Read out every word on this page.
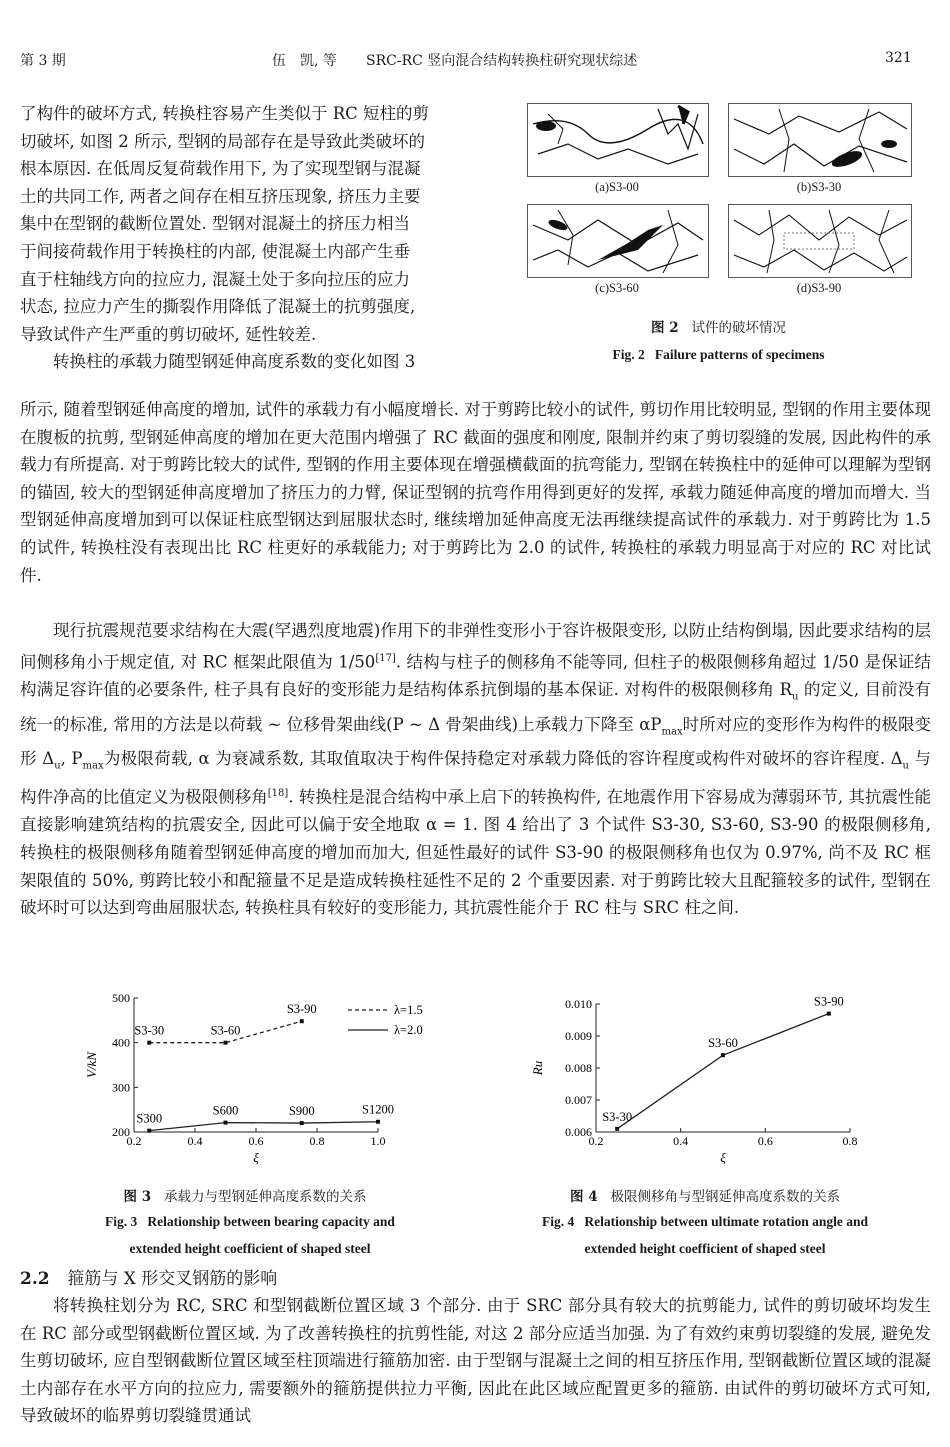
第 3 期	伍　凯, 等 SRC-RC 竖向混合结构转换柱研究现状综述	321

了构件的破坏方式, 转换柱容易产生类似于 RC 短柱的剪

切破坏, 如图 2 所示, 型钢的局部存在是导致此类破坏的

根本原因. 在低周反复荷载作用下, 为了实现型钢与混凝

土的共同工作, 两者之间存在相互挤压现象, 挤压力主要

集中在型钢的截断位置处. 型钢对混凝土的挤压力相当

于间接荷载作用于转换柱的内部, 使混凝土内部产生垂

直于柱轴线方向的拉应力, 混凝土处于多向拉压的应力

状态, 拉应力产生的撕裂作用降低了混凝土的抗剪强度,

导致试件产生严重的剪切破坏, 延性较差.

转换柱的承载力随型钢延伸高度系数的变化如图 3

(a)S3-00	(b)S3-30
(c)S3-60	(d)S3-90
图 2 试件的破坏情况
Fig. 2 Failure patterns of specimens

所示, 随着型钢延伸高度的增加, 试件的承载力有小幅度增长. 对于剪跨比较小的试件, 剪切作用比较明显, 型钢的作用主要体现在腹板的抗剪, 型钢延伸高度的增加在更大范围内增强了 RC 截面的强度和刚度, 限制并约束了剪切裂缝的发展, 因此构件的承载力有所提高. 对于剪跨比较大的试件, 型钢的作用主要体现在增强横截面的抗弯能力, 型钢在转换柱中的延伸可以理解为型钢的锚固, 较大的型钢延伸高度增加了挤压力的力臂, 保证型钢的抗弯作用得到更好的发挥, 承载力随延伸高度的增加而增大. 当型钢延伸高度增加到可以保证柱底型钢达到屈服状态时, 继续增加延伸高度无法再继续提高试件的承载力. 对于剪跨比为 1.5 的试件, 转换柱没有表现出比 RC 柱更好的承载能力; 对于剪跨比为 2.0 的试件, 转换柱的承载力明显高于对应的 RC 对比试件.

现行抗震规范要求结构在大震(罕遇烈度地震)作用下的非弹性变形小于容许极限变形, 以防止结构倒塌, 因此要求结构的层间侧移角小于规定值, 对 RC 框架此限值为 1/50[17]. 结构与柱子的侧移角不能等同, 但柱子的极限侧移角超过 1/50 是保证结构满足容许值的必要条件, 柱子具有良好的变形能力是结构体系抗倒塌的基本保证. 对构件的极限侧移角 $R_u$ 的定义, 目前没有统一的标准, 常用的方法是以荷载 ~ 位移骨架曲线(P ~ Δ 骨架曲线)上承载力下降至 $\alpha P_{max}$时所对应的变形作为构件的极限变形 $\Delta_u$, $P_{max}$为极限荷载, α 为衰减系数, 其取值取决于构件保持稳定对承载力降低的容许程度或构件对破坏的容许程度. $\Delta_u$ 与构件净高的比值定义为极限侧移角[18]. 转换柱是混合结构中承上启下的转换构件, 在地震作用下容易成为薄弱环节, 其抗震性能直接影响建筑结构的抗震安全, 因此可以偏于安全地取 α = 1. 图 4 给出了 3 个试件 S3-30, S3-60, S3-90 的极限侧移角, 转换柱的极限侧移角随着型钢延伸高度的增加而加大, 但延性最好的试件 S3-90 的极限侧移角也仅为 0.97%, 尚不及 RC 框架限值的 50%, 剪跨比较小和配箍量不足是造成转换柱延性不足的 2 个重要因素. 对于剪跨比较大且配箍较多的试件, 型钢在破坏时可以达到弯曲屈服状态, 转换柱具有较好的变形能力, 其抗震性能介于 RC 柱与 SRC 柱之间.

0.2	0.4	0.6	0.8	1.0
200
300
400
500
ξ
V/kN
S3-30	S3-60
S3-90
S300
S600	S900	S1200
λ=1.5
λ=2.0
图 3 承载力与型钢延伸高度系数的关系
Fig. 3 Relationship between bearing capacity and
extended height coefficient of shaped steel
0.2	0.4	0.6	0.8
0.006
0.007
0.008
0.009
0.010
ξ
Ru
S3-30
S3-60
S3-90
图 4 极限侧移角与型钢延伸高度系数的关系
Fig. 4 Relationship between ultimate rotation angle and
extended height coefficient of shaped steel
2.2 箍筋与 X 形交叉钢筋的影响

将转换柱划分为 RC, SRC 和型钢截断位置区域 3 个部分. 由于 SRC 部分具有较大的抗剪能力, 试件的剪切破坏均发生在 RC 部分或型钢截断位置区域. 为了改善转换柱的抗剪性能, 对这 2 部分应适当加强. 为了有效约束剪切裂缝的发展, 避免发生剪切破坏, 应自型钢截断位置区域至柱顶端进行箍筋加密. 由于型钢与混凝土之间的相互挤压作用, 型钢截断位置区域的混凝土内部存在水平方向的拉应力, 需要额外的箍筋提供拉力平衡, 因此在此区域应配置更多的箍筋. 由试件的剪切破坏方式可知, 导致破坏的临界剪切裂缝贯通试
